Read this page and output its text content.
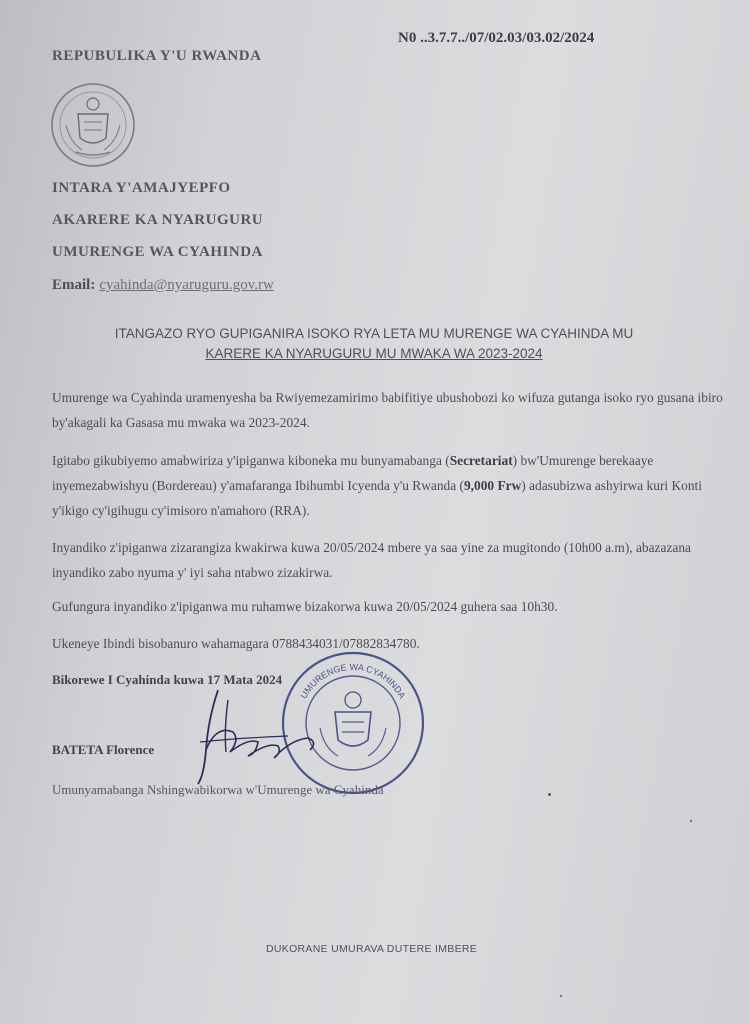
N0 ..3.7.7../07/02.03/03.02/2024
REPUBULIKA Y'U RWANDA
INTARA Y'AMAJYEPFO
AKARERE KA NYARUGURU
UMURENGE WA CYAHINDA
Email: cyahinda@nyaruguru.gov.rw
ITANGAZO RYO GUPIGANIRA ISOKO RYA LETA MU MURENGE WA CYAHINDA MU
KARERE KA NYARUGURU MU MWAKA WA 2023-2024
Umurenge wa Cyahinda uramenyesha ba Rwiyemezamirimo babifitiye ubushobozi ko wifuza gutanga isoko ryo gusana ibiro by'akagali ka Gasasa mu mwaka wa 2023-2024.
Igitabo gikubiyemo amabwiriza y'ipiganwa kiboneka mu bunyamabanga (Secretariat) bw'Umurenge berekaaye inyemezabwishyu (Bordereau) y'amafaranga Ibihumbi Icyenda y'u Rwanda (9,000 Frw) adasubizwa ashyirwa kuri Konti y'ikigo cy'igihugu cy'imisoro n'amahoro (RRA).
Inyandiko z'ipiganwa zizarangiza kwakirwa kuwa 20/05/2024 mbere ya saa yine za mugitondo (10h00 a.m), abazazana inyandiko zabo nyuma y' iyi saha ntabwo zizakirwa.
Gufungura inyandiko z'ipiganwa mu ruhamwe bizakorwa kuwa 20/05/2024 guhera saa 10h30.
Ukeneye Ibindi bisobanuro wahamagara 0788434031/07882834780.
Bikorewe I Cyahinda kuwa 17 Mata 2024
UMURENGE WA CYAHINDA
BATETA Florence
Umunyamabanga Nshingwabikorwa w'Umurenge wa Cyahinda
DUKORANE UMURAVA DUTERE IMBERE
